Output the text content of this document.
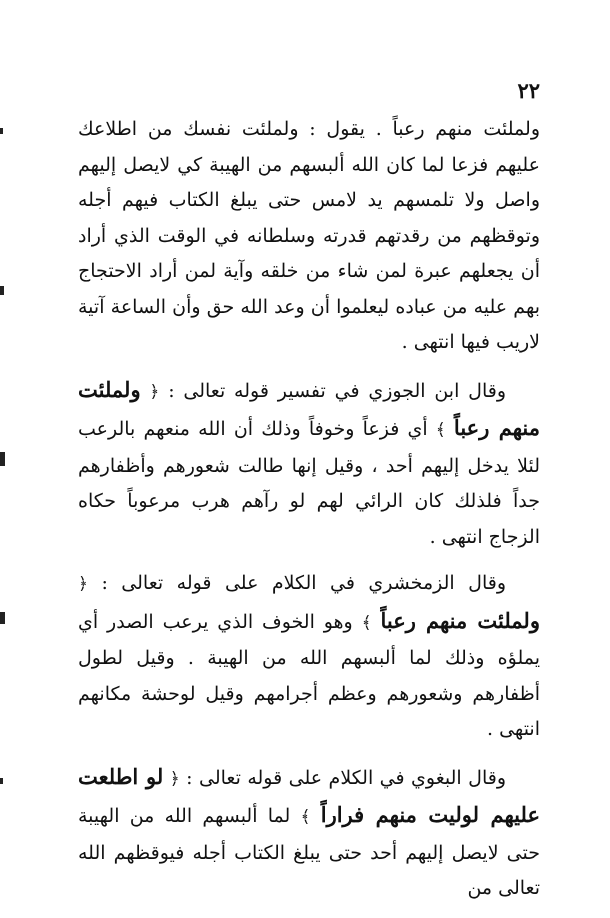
٢٢

ولملئت منهم رعباً . يقول : ولملئت نفسك من اطلاعك عليهم فزعا لما كان الله ألبسهم من الهيبة كي لايصل إليهم واصل ولا تلمسهم يد لامس حتى يبلغ الكتاب فيهم أجله وتوقظهم من رقدتهم قدرته وسلطانه في الوقت الذي أراد أن يجعلهم عبرة لمن شاء من خلقه وآية لمن أراد الاحتجاج بهم عليه من عباده ليعلموا أن وعد الله حق وأن الساعة آتية لاريب فيها انتهى .

وقال ابن الجوزي في تفسير قوله تعالى : ﴿ ولملئت منهم رعباً ﴾ أي فزعاً وخوفاً وذلك أن الله منعهم بالرعب لئلا يدخل إليهم أحد ، وقيل إنها طالت شعورهم وأظفارهم جداً فلذلك كان الرائي لهم لو رآهم هرب مرعوباً حكاه الزجاج انتهى .

وقال الزمخشري في الكلام على قوله تعالى : ﴿ ولملئت منهم رعباً ﴾ وهو الخوف الذي يرعب الصدر أي يملؤه وذلك لما ألبسهم الله من الهيبة . وقيل لطول أظفارهم وشعورهم وعظم أجرامهم وقيل لوحشة مكانهم انتهى .

وقال البغوي في الكلام على قوله تعالى : ﴿ لو اطلعت عليهم لوليت منهم فراراً ﴾ لما ألبسهم الله من الهيبة حتى لايصل إليهم أحد حتى يبلغ الكتاب أجله فيوقظهم الله تعالى من
